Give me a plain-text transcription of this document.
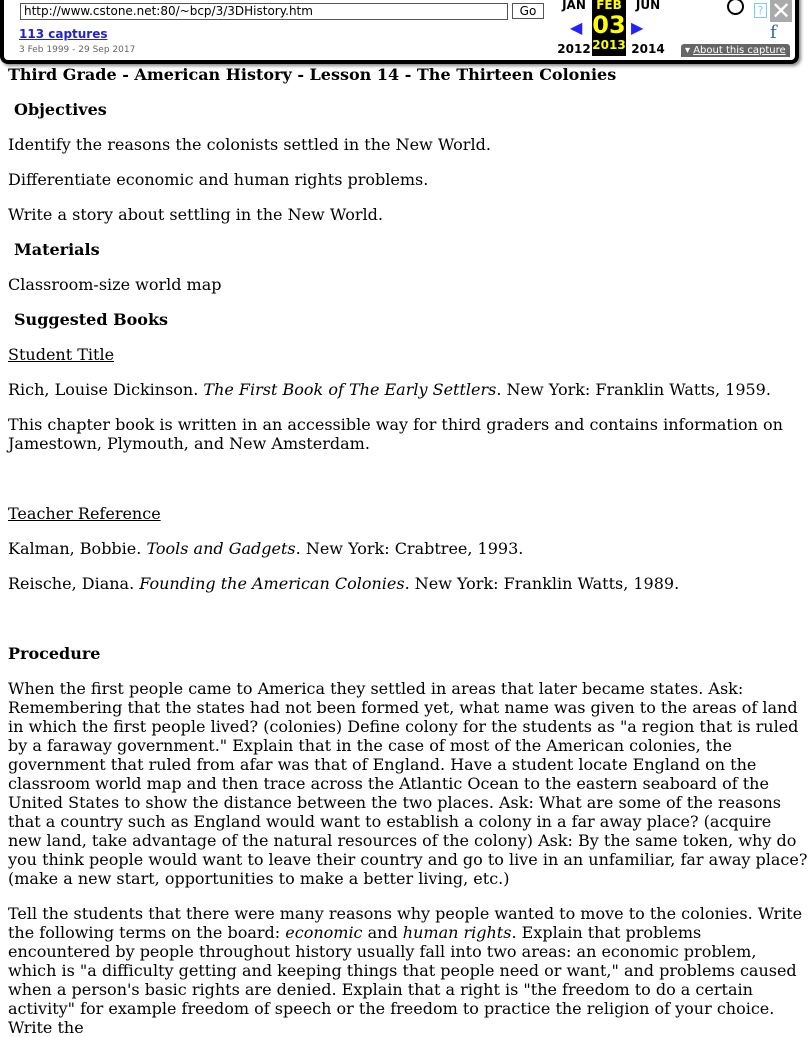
http://www.cstone.net:80/~bcp/3/3DHistory.htm	Go
113 captures
3 Feb 1999 - 29 Sep 2017
JAN
2012
◀
FEB
03
2013
▶
JUN
2014
? ✕
f
▾ About this capture
Third Grade - American History - Lesson 14 - The Thirteen Colonies
Objectives

Identify the reasons the colonists settled in the New World.

Differentiate economic and human rights problems.

Write a story about settling in the New World.

Materials

Classroom-size world map

Suggested Books

Student Title

Rich, Louise Dickinson. The First Book of The Early Settlers. New York: Franklin Watts, 1959.

This chapter book is written in an accessible way for third graders and contains information on Jamestown, Plymouth, and New Amsterdam.

Teacher Reference

Kalman, Bobbie. Tools and Gadgets. New York: Crabtree, 1993.

Reische, Diana. Founding the American Colonies. New York: Franklin Watts, 1989.

Procedure

When the first people came to America they settled in areas that later became states. Ask: Remembering that the states had not been formed yet, what name was given to the areas of land in which the first people lived? (colonies) Define colony for the students as "a region that is ruled by a faraway government." Explain that in the case of most of the American colonies, the government that ruled from afar was that of England. Have a student locate England on the classroom world map and then trace across the Atlantic Ocean to the eastern seaboard of the United States to show the distance between the two places. Ask: What are some of the reasons that a country such as England would want to establish a colony in a far away place? (acquire new land, take advantage of the natural resources of the colony) Ask: By the same token, why do you think people would want to leave their country and go to live in an unfamiliar, far away place? (make a new start, opportunities to make a better living, etc.)

Tell the students that there were many reasons why people wanted to move to the colonies. Write the following terms on the board: economic and human rights. Explain that problems encountered by people throughout history usually fall into two areas: an economic problem, which is "a difficulty getting and keeping things that people need or want," and problems caused when a person's basic rights are denied. Explain that a right is "the freedom to do a certain activity" for example freedom of speech or the freedom to practice the religion of your choice. Write the
